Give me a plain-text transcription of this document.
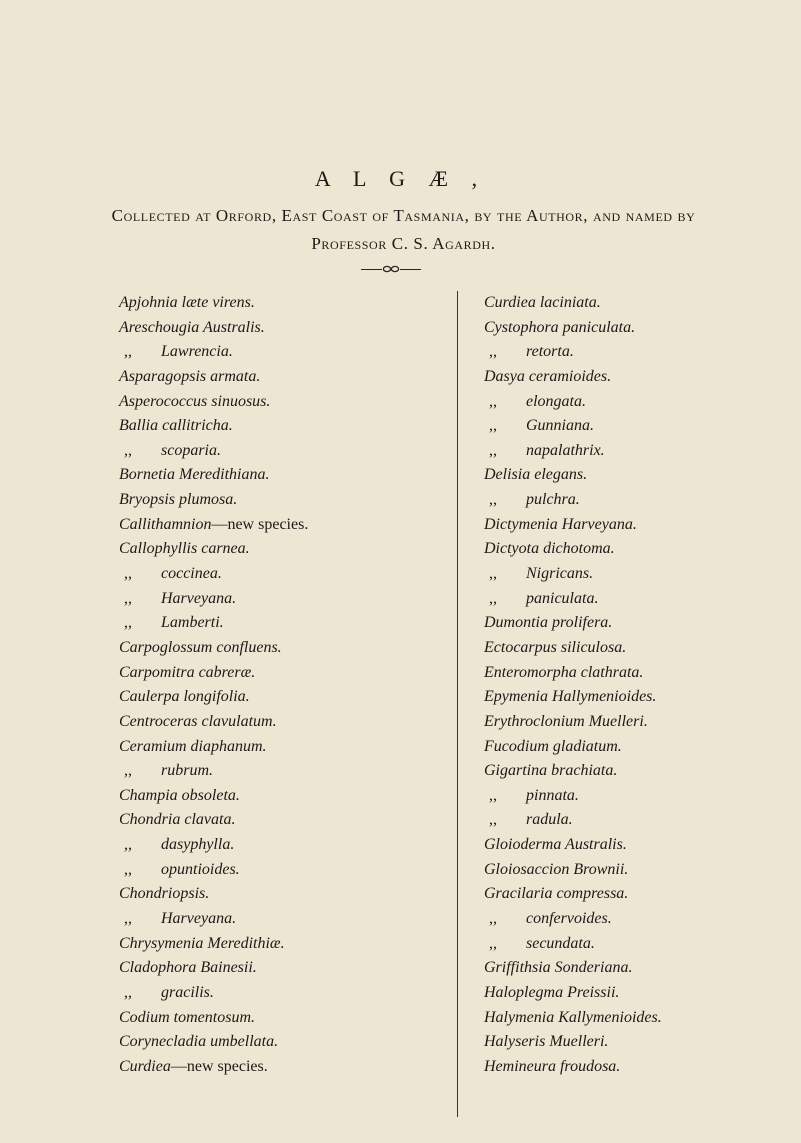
A L G Æ ,
Collected at Orford, East Coast of Tasmania, by the Author, and named by
Professor C. S. Agardh.
Apjohnia læte virens.
Areschougia Australis.
,, Lawrencia.
Asparagopsis armata.
Asperococcus sinuosus.
Ballia callitricha.
,, scoparia.
Bornetia Meredithiana.
Bryopsis plumosa.
Callithamnion—new species.
Callophyllis carnea.
,, coccinea.
,, Harveyana.
,, Lamberti.
Carpoglossum confluens.
Carpomitra cabreræ.
Caulerpa longifolia.
Centroceras clavulatum.
Ceramium diaphanum.
,, rubrum.
Champia obsoleta.
Chondria clavata.
,, dasyphylla.
,, opuntioides.
Chondriopsis.
,, Harveyana.
Chrysymenia Meredithiæ.
Cladophora Bainesii.
,, gracilis.
Codium tomentosum.
Corynecladia umbellata.
Curdiea—new species.
Curdiea laciniata.
Cystophora paniculata.
,, retorta.
Dasya ceramioides.
,, elongata.
,, Gunniana.
,, napalathrix.
Delisia elegans.
,, pulchra.
Dictymenia Harveyana.
Dictyota dichotoma.
,, Nigricans.
,, paniculata.
Dumontia prolifera.
Ectocarpus siliculosa.
Enteromorpha clathrata.
Epymenia Hallymenioides.
Erythroclonium Muelleri.
Fucodium gladiatum.
Gigartina brachiata.
,, pinnata.
,, radula.
Gloioderma Australis.
Gloiosaccion Brownii.
Gracilaria compressa.
,, confervoides.
,, secundata.
Griffithsia Sonderiana.
Haloplegma Preissii.
Halymenia Kallymenioides.
Halyseris Muelleri.
Hemineura froudosa.
